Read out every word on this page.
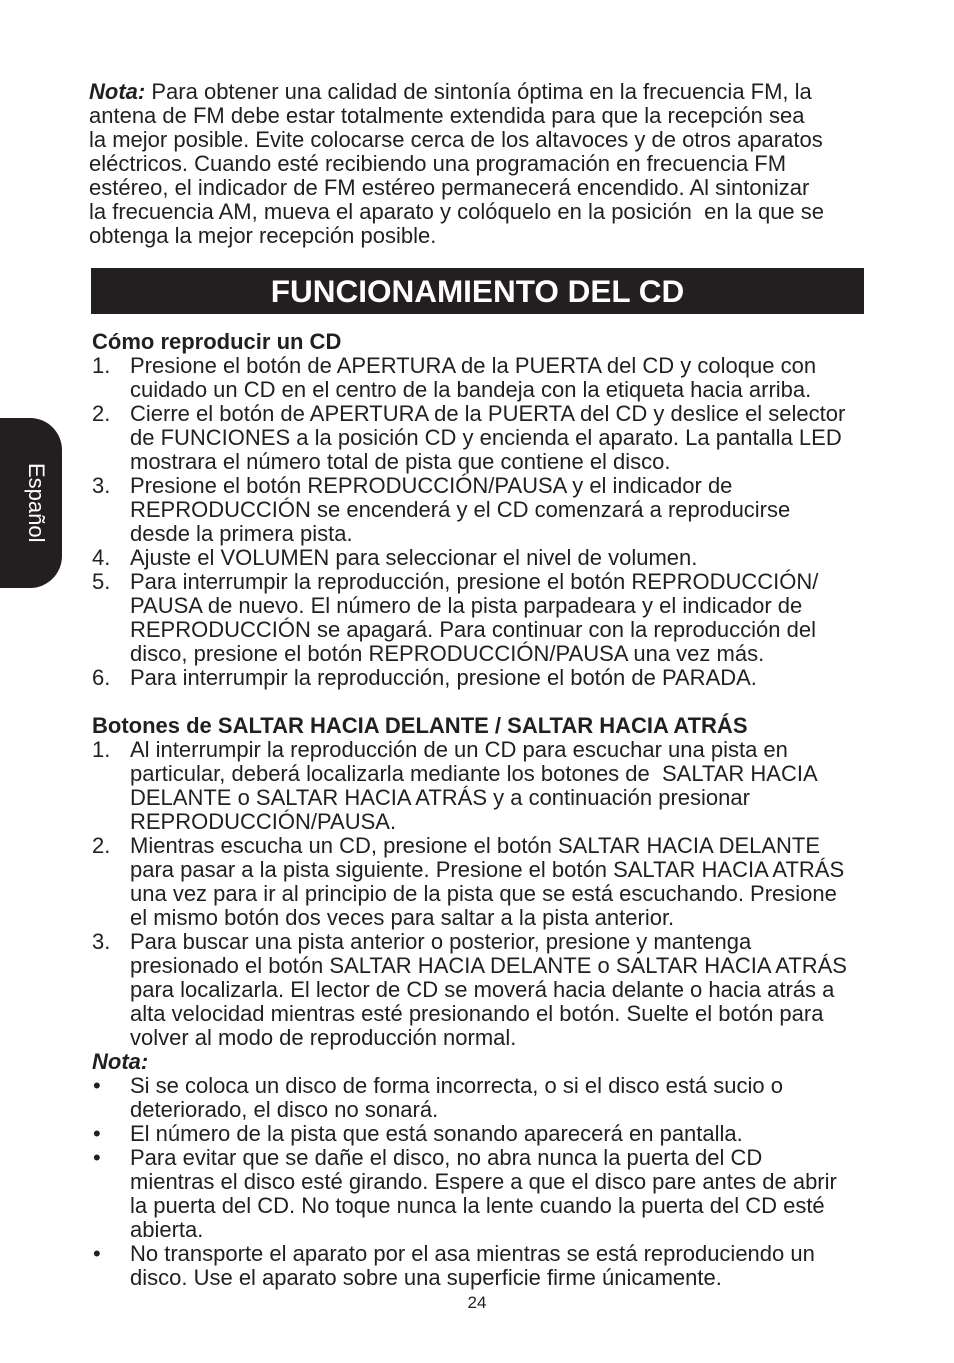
Nota: Para obtener una calidad de sintonía óptima en la frecuencia FM, la
antena de FM debe estar totalmente extendida para que la recepción sea
la mejor posible. Evite colocarse cerca de los altavoces y de otros aparatos
eléctricos. Cuando esté recibiendo una programación en frecuencia FM
estéreo, el indicador de FM estéreo permanecerá encendido. Al sintonizar
la frecuencia AM, mueva el aparato y colóquelo en la posición  en la que se
obtenga la mejor recepción posible.

FUNCIONAMIENTO DEL CD
Cómo reproducir un CD
1. Presione el botón de APERTURA de la PUERTA del CD y coloque con
cuidado un CD en el centro de la bandeja con la etiqueta hacia arriba.
2. Cierre el botón de APERTURA de la PUERTA del CD y deslice el selector
de FUNCIONES a la posición CD y encienda el aparato. La pantalla LED
mostrara el número total de pista que contiene el disco.
3. Presione el botón REPRODUCCIÓN/PAUSA y el indicador de
REPRODUCCIÓN se encenderá y el CD comenzará a reproducirse
desde la primera pista.
4. Ajuste el VOLUMEN para seleccionar el nivel de volumen.
5. Para interrumpir la reproducción, presione el botón REPRODUCCIÓN/
PAUSA de nuevo. El número de la pista parpadeara y el indicador de
REPRODUCCIÓN se apagará. Para continuar con la reproducción del
disco, presione el botón REPRODUCCIÓN/PAUSA una vez más.
6. Para interrumpir la reproducción, presione el botón de PARADA.
Botones de SALTAR HACIA DELANTE / SALTAR HACIA ATRÁS
1. Al interrumpir la reproducción de un CD para escuchar una pista en
particular, deberá localizarla mediante los botones de  SALTAR HACIA
DELANTE o SALTAR HACIA ATRÁS y a continuación presionar
REPRODUCCIÓN/PAUSA.
2. Mientras escucha un CD, presione el botón SALTAR HACIA DELANTE
para pasar a la pista siguiente. Presione el botón SALTAR HACIA ATRÁS
una vez para ir al principio de la pista que se está escuchando. Presione
el mismo botón dos veces para saltar a la pista anterior.
3. Para buscar una pista anterior o posterior, presione y mantenga
presionado el botón SALTAR HACIA DELANTE o SALTAR HACIA ATRÁS
para localizarla. El lector de CD se moverá hacia delante o hacia atrás a
alta velocidad mientras esté presionando el botón. Suelte el botón para
volver al modo de reproducción normal.
Nota:
•	Si se coloca un disco de forma incorrecta, o si el disco está sucio o
deteriorado, el disco no sonará.
•	El número de la pista que está sonando aparecerá en pantalla.
•	Para evitar que se dañe el disco, no abra nunca la puerta del CD
mientras el disco esté girando. Espere a que el disco pare antes de abrir
la puerta del CD. No toque nunca la lente cuando la puerta del CD esté
abierta.
•	No transporte el aparato por el asa mientras se está reproduciendo un
disco. Use el aparato sobre una superficie firme únicamente.
Español
24
